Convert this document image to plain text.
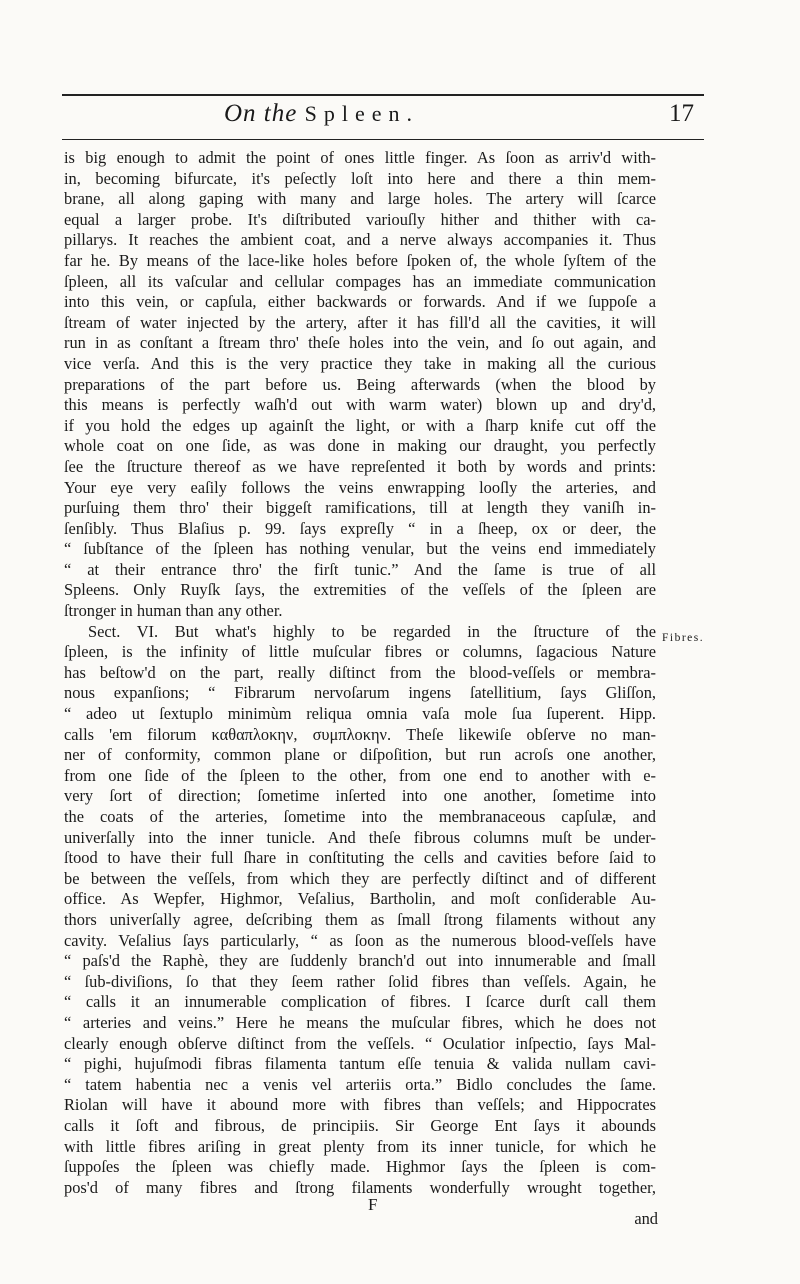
On the Spleen.	17
is big enough to admit the point of ones little finger. As ſoon as arriv'd with-
in, becoming bifurcate, it's peſectly loſt into here and there a thin mem-
brane, all along gaping with many and large holes. The artery will ſcarce
equal a larger probe. It's diſtributed variouſly hither and thither with ca-
pillarys. It reaches the ambient coat, and a nerve always accompanies it. Thus
far he. By means of the lace-like holes before ſpoken of, the whole ſyſtem of the
ſpleen, all its vaſcular and cellular compages has an immediate communication
into this vein, or capſula, either backwards or forwards. And if we ſuppoſe a
ſtream of water injected by the artery, after it has fill'd all the cavities, it will
run in as conſtant a ſtream thro' theſe holes into the vein, and ſo out again, and
vice verſa. And this is the very practice they take in making all the curious
preparations of the part before us. Being afterwards (when the blood by
this means is perfectly waſh'd out with warm water) blown up and dry'd,
if you hold the edges up againſt the light, or with a ſharp knife cut off the
whole coat on one ſide, as was done in making our draught, you perfectly
ſee the ſtructure thereof as we have repreſented it both by words and prints:
Your eye very eaſily follows the veins enwrapping looſly the arteries, and
purſuing them thro' their biggeſt ramifications, till at length they vaniſh in-
ſenſibly. Thus Blaſius p. 99. ſays expreſly “ in a ſheep, ox or deer, the
“ ſubſtance of the ſpleen has nothing venular, but the veins end immediately
“ at their entrance thro' the firſt tunic.” And the ſame is true of all
Spleens. Only Ruyſk ſays, the extremities of the veſſels of the ſpleen are
ſtronger in human than any other.
Sect. VI. But what's highly to be regarded in the ſtructure of the
ſpleen, is the infinity of little muſcular fibres or columns, ſagacious Nature
has beſtow'd on the part, really diſtinct from the blood-veſſels or membra-
nous expanſions; “ Fibrarum nervoſarum ingens ſatellitium, ſays Gliſſon,
“ adeo ut ſextuplo minimùm reliqua omnia vaſa mole ſua ſuperent. Hipp.
calls 'em filorum καθαπλοκην, συμπλοκην. Theſe likewiſe obſerve no man-
ner of conformity, common plane or diſpoſition, but run acroſs one another,
from one ſide of the ſpleen to the other, from one end to another with e-
very ſort of direction; ſometime inſerted into one another, ſometime into
the coats of the arteries, ſometime into the membranaceous capſulæ, and
univerſally into the inner tunicle. And theſe fibrous columns muſt be under-
ſtood to have their full ſhare in conſtituting the cells and cavities before ſaid to
be between the veſſels, from which they are perfectly diſtinct and of different
office. As Wepfer, Highmor, Veſalius, Bartholin, and moſt conſiderable Au-
thors univerſally agree, deſcribing them as ſmall ſtrong filaments without any
cavity. Veſalius ſays particularly, “ as ſoon as the numerous blood-veſſels have
“ paſs'd the Raphè, they are ſuddenly branch'd out into innumerable and ſmall
“ ſub-diviſions, ſo that they ſeem rather ſolid fibres than veſſels. Again, he
“ calls it an innumerable complication of fibres. I ſcarce durſt call them
“ arteries and veins.” Here he means the muſcular fibres, which he does not
clearly enough obſerve diſtinct from the veſſels. “ Oculatior inſpectio, ſays Mal-
“ pighi, hujuſmodi fibras filamenta tantum eſſe tenuia & valida nullam cavi-
“ tatem habentia nec a venis vel arteriis orta.” Bidlo concludes the ſame.
Riolan will have it abound more with fibres than veſſels; and Hippocrates
calls it ſoft and fibrous, de principiis. Sir George Ent ſays it abounds
with little fibres ariſing in great plenty from its inner tunicle, for which he
ſuppoſes the ſpleen was chiefly made. Highmor ſays the ſpleen is com-
pos'd of many fibres and ſtrong filaments wonderfully wrought together,
Fibres.
F
and
